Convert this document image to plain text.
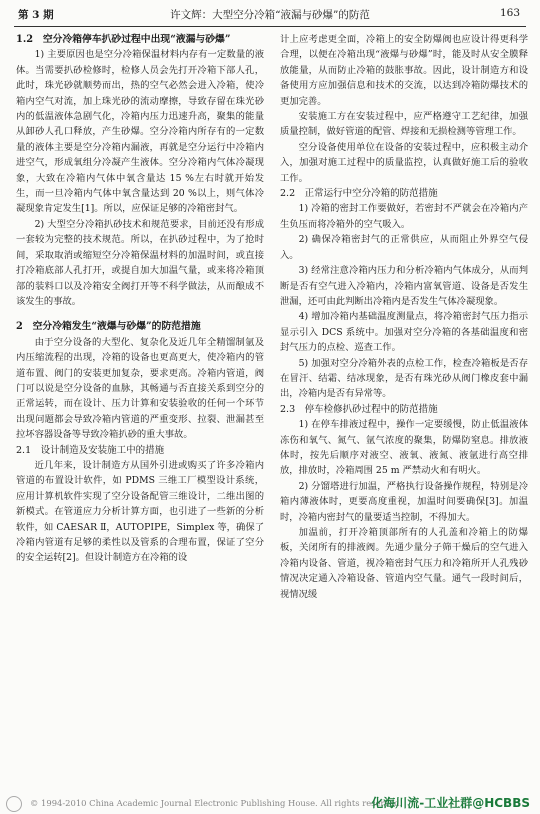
第 3 期	许文辉：大型空分冷箱“液漏与砂爆”的防范	163
1.2　空分冷箱停车扒砂过程中出现“液漏与砂爆”

1) 主要原因也是空分冷箱保温材料内存有一定数量的液体。当需要扒砂检修时，检修人员会先打开冷箱下部人孔，此时，珠光砂就顺势而出，热的空气必然会进入冷箱，使冷箱内空气对流，加上珠光砂的流动摩擦，导致存留在珠光砂内的低温液体急剧气化，冷箱内压力迅速升高，聚集的能量从卸砂人孔口释放，产生砂爆。空分冷箱内所存有的一定数量的液体主要是空分冷箱内漏液，再就是空分运行中冷箱内进空气，形成氧组分冷凝产生液体。空分冷箱内气体冷凝现象，大致在冷箱内气体中氧含量达 15 %左右时就开始发生，而一旦冷箱内气体中氧含量达到 20 %以上，则气体冷凝现象肯定发生[1]。所以，应保证足够的冷箱密封气。

2) 大型空分冷箱扒砂技术和规范要求，目前还没有形成一套较为完整的技术规范。所以，在扒砂过程中，为了抢时间，采取取消或缩短空分冷箱保温材料的加温时间，或直接打冷箱底部人孔打开，或提自加大加温气量，或来将冷箱顶部的装料口以及冷箱安全阀打开等不科学做法，从而酿成不该发生的事故。

2　空分冷箱发生“液爆与砂爆”的防范措施

由于空分设备的大型化、复杂化及近几年全精馏制氩及内压缩流程的出现，冷箱的设备也更高更大，使冷箱内的管道布置、阀门的安装更加复杂，要求更高。冷箱内管道，阀门可以说是空分设备的血脉，其畅通与否直接关系到空分的正常运转，而在设计、压力计算和安装验收的任何一个环节出现问题都会导致冷箱内管道的严重变形、拉裂、泄漏甚至拉坏容器设备等导致冷箱扒砂的重大事故。

2.1　设计制造及安装施工中的措施

近几年来，设计制造方从国外引进或购买了许多冷箱内管道的布置设计软件，如 PDMS 三维工厂模型设计系统，应用计算机软件实现了空分设备配管三维设计，二维出图的新模式。在管道应力分析计算方面，也引进了一些新的分析软件，如 CAESAR Ⅱ，AUTOPIPE，Simplex 等，确保了冷箱内管道有足够的柔性以及管系的合理布置，保证了空分的安全运转[2]。但设计制造方在冷箱的设

计上应考虑更全面，冷箱上的安全防爆阀也应设计得更科学合理，以便在冷箱出现“液爆与砂爆”时，能及时从安全膜释放能量，从而防止冷箱的鼓胀事故。因此，设计制造方和设备使用方应加强信息和技术的交流，以达到冷箱防爆技术的更加完善。

安装施工方在安装过程中，应严格遵守工艺纪律，加强质量控制，做好管道的配管、焊接和无损检测等管理工作。

空分设备使用单位在设备的安装过程中，应积极主动介入，加强对施工过程中的质量监控，认真做好施工后的验收工作。

2.2　正常运行中空分冷箱的防范措施

1) 冷箱的密封工作要做好，若密封不严就会在冷箱内产生负压而将冷箱外的空气吸入。

2) 确保冷箱密封气的正常供应，从而阻止外界空气侵入。

3) 经常注意冷箱内压力和分析冷箱内气体成分，从而判断是否有空气进入冷箱内，冷箱内富氧管道、设备是否发生泄漏，还可由此判断出冷箱内是否发生气体冷凝现象。

4) 增加冷箱内基础温度测量点，将冷箱密封气压力指示显示引入 DCS 系统中。加强对空分冷箱的各基础温度和密封气压力的点检、巡查工作。

5) 加强对空分冷箱外表的点检工作，检查冷箱板是否存在冒汗、结霜、结冰现象，是否有珠光砂从阀门橡皮套中漏出，冷箱内是否有异常等。

2.3　停车检修扒砂过程中的防范措施

1) 在停车排液过程中，操作一定要缓慢，防止低温液体冻伤和氧气、氮气、氩气浓度的聚集，防爆防窒息。排放液体时，按先后顺序对液空、液氧、液氮、液氩进行高空排放，排放时，冷箱周围 25 m 严禁动火和有明火。

2) 分馏塔进行加温，严格执行设备操作规程，特别是冷箱内薄液体时，更要高度重视，加温时间要确保[3]。加温时，冷箱内密封气的量要适当控制，不得加大。

加温前，打开冷箱顶部所有的人孔盖和冷箱上的防爆板，关闭所有的排液阀。先通少量分子筛干燥后的空气进入冷箱内设备、管道，视冷箱密封气压力和冷箱所开人孔残砂情况决定通入冷箱设备、管道内空气量。通气一段时间后，视情况缓

© 1994-2010 China Academic Journal Electronic Publishing House. All rights reserved.
化海川流-工业社群@HCBBS
